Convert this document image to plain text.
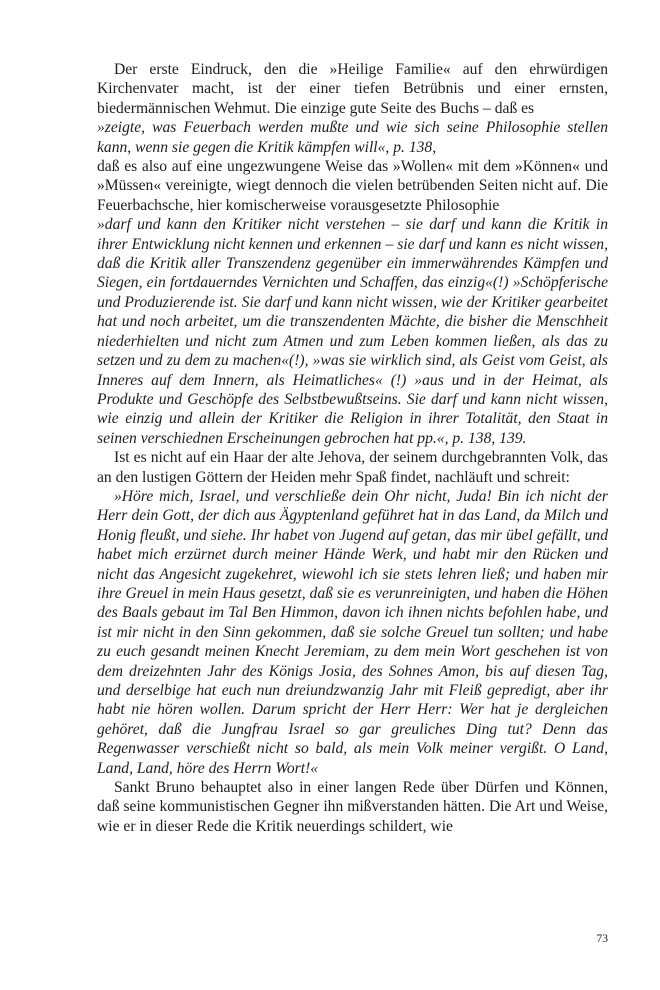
Der erste Eindruck, den die »Heilige Familie« auf den ehrwürdigen Kirchenvater macht, ist der einer tiefen Betrübnis und einer ernsten, biedermännischen Wehmut. Die einzige gute Seite des Buchs – daß es

»zeigte, was Feuerbach werden mußte und wie sich seine Philosophie stellen kann, wenn sie gegen die Kritik kämpfen will«, p. 138,

daß es also auf eine ungezwungene Weise das »Wollen« mit dem »Können« und »Müssen« vereinigte, wiegt dennoch die vielen betrübenden Seiten nicht auf. Die Feuerbachsche, hier komischerweise vorausgesetzte Philosophie

»darf und kann den Kritiker nicht verstehen – sie darf und kann die Kritik in ihrer Entwicklung nicht kennen und erkennen – sie darf und kann es nicht wissen, daß die Kritik aller Transzendenz gegenüber ein immerwährendes Kämpfen und Siegen, ein fortdauerndes Vernichten und Schaffen, das einzig«(!) »Schöpferische und Produzierende ist. Sie darf und kann nicht wissen, wie der Kritiker gearbeitet hat und noch arbeitet, um die transzendenten Mächte, die bisher die Menschheit niederhielten und nicht zum Atmen und zum Leben kommen ließen, als das zu setzen und zu dem zu machen«(!), »was sie wirklich sind, als Geist vom Geist, als Inneres auf dem Innern, als Heimatliches« (!) »aus und in der Heimat, als Produkte und Geschöpfe des Selbstbewußtseins. Sie darf und kann nicht wissen, wie einzig und allein der Kritiker die Religion in ihrer Totalität, den Staat in seinen verschiednen Erscheinungen gebrochen hat pp.«, p. 138, 139.

Ist es nicht auf ein Haar der alte Jehova, der seinem durchgebrannten Volk, das an den lustigen Göttern der Heiden mehr Spaß findet, nachläuft und schreit:

»Höre mich, Israel, und verschließe dein Ohr nicht, Juda! Bin ich nicht der Herr dein Gott, der dich aus Ägyptenland geführet hat in das Land, da Milch und Honig fleußt, und siehe. Ihr habet von Jugend auf getan, das mir übel gefällt, und habet mich erzürnet durch meiner Hände Werk, und habt mir den Rücken und nicht das Angesicht zugekehret, wiewohl ich sie stets lehren ließ; und haben mir ihre Greuel in mein Haus gesetzt, daß sie es verunreinigten, und haben die Höhen des Baals gebaut im Tal Ben Himmon, davon ich ihnen nichts befohlen habe, und ist mir nicht in den Sinn gekommen, daß sie solche Greuel tun sollten; und habe zu euch gesandt meinen Knecht Jeremiam, zu dem mein Wort geschehen ist von dem dreizehnten Jahr des Königs Josia, des Sohnes Amon, bis auf diesen Tag, und derselbige hat euch nun dreiundzwanzig Jahr mit Fleiß gepredigt, aber ihr habt nie hören wollen. Darum spricht der Herr Herr: Wer hat je dergleichen gehöret, daß die Jungfrau Israel so gar greuliches Ding tut? Denn das Regenwasser verschießt nicht so bald, als mein Volk meiner vergißt. O Land, Land, Land, höre des Herrn Wort!«

Sankt Bruno behauptet also in einer langen Rede über Dürfen und Können, daß seine kommunistischen Gegner ihn mißverstanden hätten. Die Art und Weise, wie er in dieser Rede die Kritik neuerdings schildert, wie

73
